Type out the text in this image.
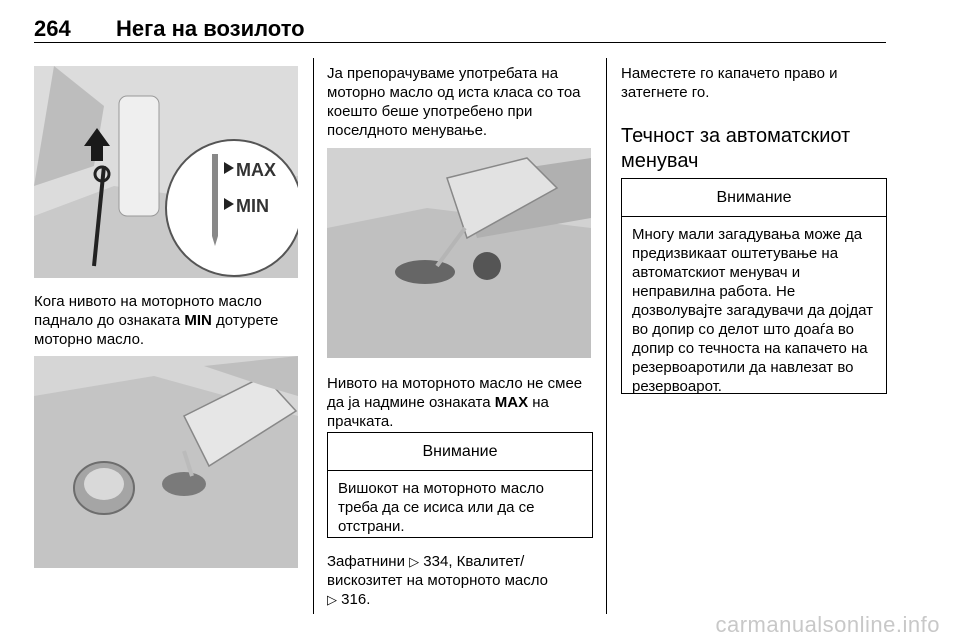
264 Нега на возилото
MAX
MIN

Кога нивото на моторното масло паднало до ознаката MIN дотурете моторно масло.

Ја препорачуваме употребата на моторно масло од иста класа со тоа коешто беше употребено при поселдното менување.

Нивото на моторното масло не смее да ја надмине ознаката MAX на прачката.

Внимание
Вишокот на моторното масло треба да се исиса или да се отстрани.

Зафатнини ▷ 334, Квалитет/
вискозитет на моторното масло
▷ 316.

Наместете го капачето право и затегнете го.

Течност за автоматскиот менувач
Внимание
Многу мали загадувања може да предизвикаат оштетување на автоматскиот менувач и неправилна работа. Не дозволувајте загадувачи да дојдат во допир со делот што доаѓа во допир со течноста на капачето на резервоаротили да навлезат во резервоарот.
carmanualsonline.info
